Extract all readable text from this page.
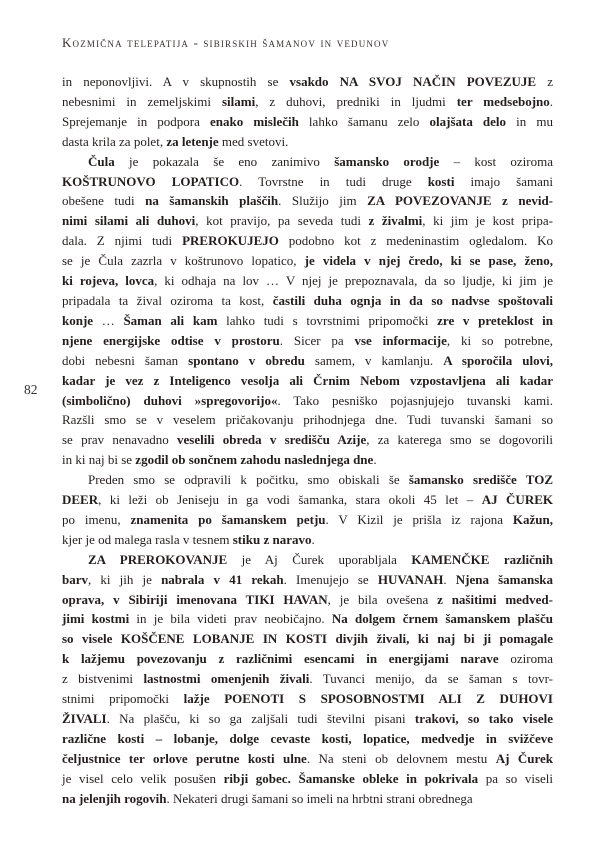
Kozmična telepatija - sibirskih šamanov in vedunov
82
in neponovljivi. A v skupnostih se vsakdo NA SVOJ NAČIN POVEZUJE z
nebesnimi in zemeljskimi silami, z duhovi, predniki in ljudmi ter medsebojno.
Sprejemanje in podpora enako mislečih lahko šamanu zelo olajšata delo in mu
dasta krila za polet, za letenje med svetovi.
Čula je pokazala še eno zanimivo šamansko orodje – kost oziroma
KOŠTRUNOVO LOPATICO. Tovrstne in tudi druge kosti imajo šamani
obešene tudi na šamanskih plaščih. Služijo jim ZA POVEZOVANJE z nevid-
nimi silami ali duhovi, kot pravijo, pa seveda tudi z živalmi, ki jim je kost pripa-
dala. Z njimi tudi PREROKUJEJO podobno kot z medeninastim ogledalom. Ko
se je Čula zazrla v koštrunovo lopatico, je videla v njej čredo, ki se pase, ženo,
ki rojeva, lovca, ki odhaja na lov … V njej je prepoznavala, da so ljudje, ki jim je
pripadala ta žival oziroma ta kost, častili duha ognja in da so nadvse spoštovali
konje … Šaman ali kam lahko tudi s tovrstnimi pripomočki zre v preteklost in
njene energijske odtise v prostoru. Sicer pa vse informacije, ki so potrebne,
dobi nebesni šaman spontano v obredu samem, v kamlanju. A sporočila ulovi,
kadar je vez z Inteligenco vesolja ali Črnim Nebom vzpostavljena ali kadar
(simbolično) duhovi »spregovorijo«. Tako pesniško pojasnjujejo tuvanski kami.
Razšli smo se v veselem pričakovanju prihodnjega dne. Tudi tuvanski šamani so
se prav nenavadno veselili obreda v središču Azije, za katerega smo se dogovorili
in ki naj bi se zgodil ob sončnem zahodu naslednjega dne.
Preden smo se odpravili k počitku, smo obiskali še šamansko središče TOZ
DEER, ki leži ob Jeniseju in ga vodi šamanka, stara okoli 45 let – AJ ČUREK
po imenu, znamenita po šamanskem petju. V Kizil je prišla iz rajona Kažun,
kjer je od malega rasla v tesnem stiku z naravo.
ZA PREROKOVANJE je Aj Čurek uporabljala KAMENČKE različnih
barv, ki jih je nabrala v 41 rekah. Imenujejo se HUVANAH. Njena šamanska
oprava, v Sibiriji imenovana TIKI HAVAN, je bila ovešena z našitimi medved-
jimi kostmi in je bila videti prav neobičajno. Na dolgem črnem šamanskem plašču
so visele KOŠČENE LOBANJE IN KOSTI divjih živali, ki naj bi ji pomagale
k lažjemu povezovanju z različnimi esencami in energijami narave oziroma
z bistvenimi lastnostmi omenjenih živali. Tuvanci menijo, da se šaman s tovr-
stnimi pripomočki lažje POENOTI S SPOSOBNOSTMI ALI Z DUHOVI
ŽIVALI. Na plašču, ki so ga zaljšali tudi številni pisani trakovi, so tako visele
različne kosti – lobanje, dolge cevaste kosti, lopatice, medvedje in svižčeve
čeljustnice ter orlove perutne kosti ulne. Na steni ob delovnem mestu Aj Čurek
je visel celo velik posušen ribji gobec. Šamanske obleke in pokrivala pa so viseli
na jelenjih rogovih. Nekateri drugi šamani so imeli na hrbtni strani obrednega
